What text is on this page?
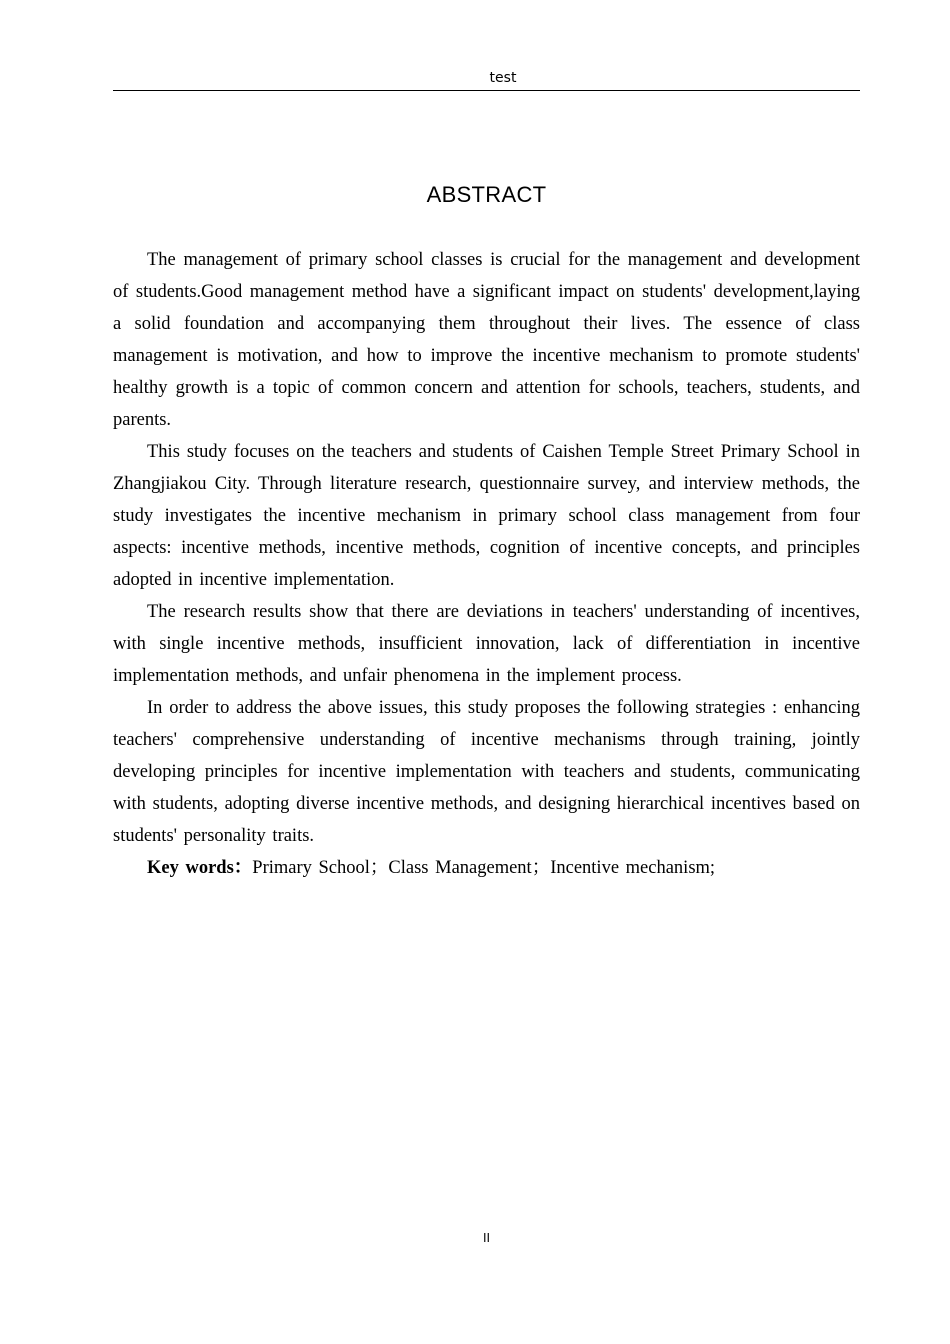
test
ABSTRACT

The management of primary school classes is crucial for the management and development of students.Good management method have a significant impact on students' development,laying a solid foundation and accompanying them throughout their lives. The essence of class management is motivation, and how to improve the incentive mechanism to promote students' healthy growth is a topic of common concern and attention for schools, teachers, students, and parents.

This study focuses on the teachers and students of Caishen Temple Street Primary School in Zhangjiakou City. Through literature research, questionnaire survey, and interview methods, the study investigates the incentive mechanism in primary school class management from four aspects: incentive methods, incentive methods, cognition of incentive concepts, and principles adopted in incentive implementation.

The research results show that there are deviations in teachers' understanding of incentives, with single incentive methods, insufficient innovation, lack of differentiation in incentive implementation methods, and unfair phenomena in the implement process.

In order to address the above issues, this study proposes the following strategies : enhancing teachers' comprehensive understanding of incentive mechanisms through training, jointly developing principles for incentive implementation with teachers and students, communicating with students, adopting diverse incentive methods, and designing hierarchical incentives based on students' personality traits.

Key words：Primary School；Class Management；Incentive mechanism;

II
